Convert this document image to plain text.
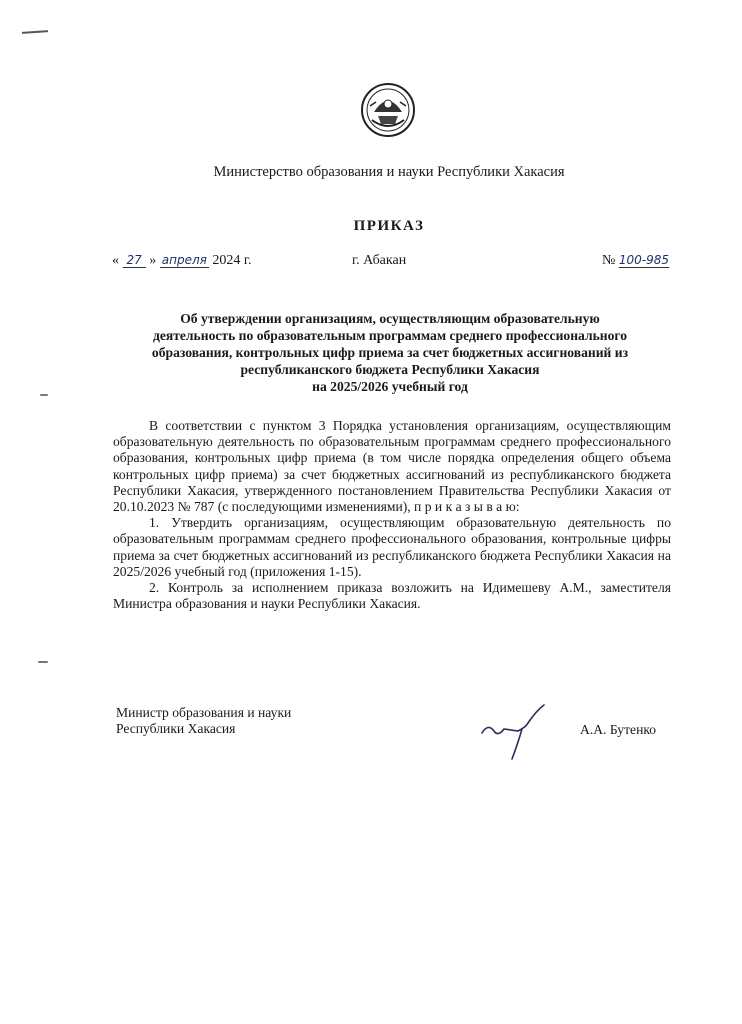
Министерство образования и науки Республики Хакасия
ПРИКАЗ
« 27 » апреля 2024 г.	г. Абакан	№ 100-985
Об утверждении организациям, осуществляющим образовательную
деятельность по образовательным программам среднего профессионального
образования, контрольных цифр приема за счет бюджетных ассигнований из
республиканского бюджета Республики Хакасия
на 2025/2026 учебный год

В соответствии с пунктом 3 Порядка установления организациям, осуществляющим образовательную деятельность по образовательным программам среднего профессионального образования, контрольных цифр приема (в том числе порядка определения общего объема контрольных цифр приема) за счет бюджетных ассигнований из республиканского бюджета Республики Хакасия, утвержденного постановлением Правительства Республики Хакасия от 20.10.2023 № 787 (с последующими изменениями), п р и к а з ы в а ю:

1. Утвердить организациям, осуществляющим образовательную деятельность по образовательным программам среднего профессионального образования, контрольные цифры приема за счет бюджетных ассигнований из республиканского бюджета Республики Хакасия на 2025/2026 учебный год (приложения 1-15).

2. Контроль за исполнением приказа возложить на Идимешеву А.М., заместителя Министра образования и науки Республики Хакасия.

Министр образования и науки
Республики Хакасия	А.А. Бутенко
